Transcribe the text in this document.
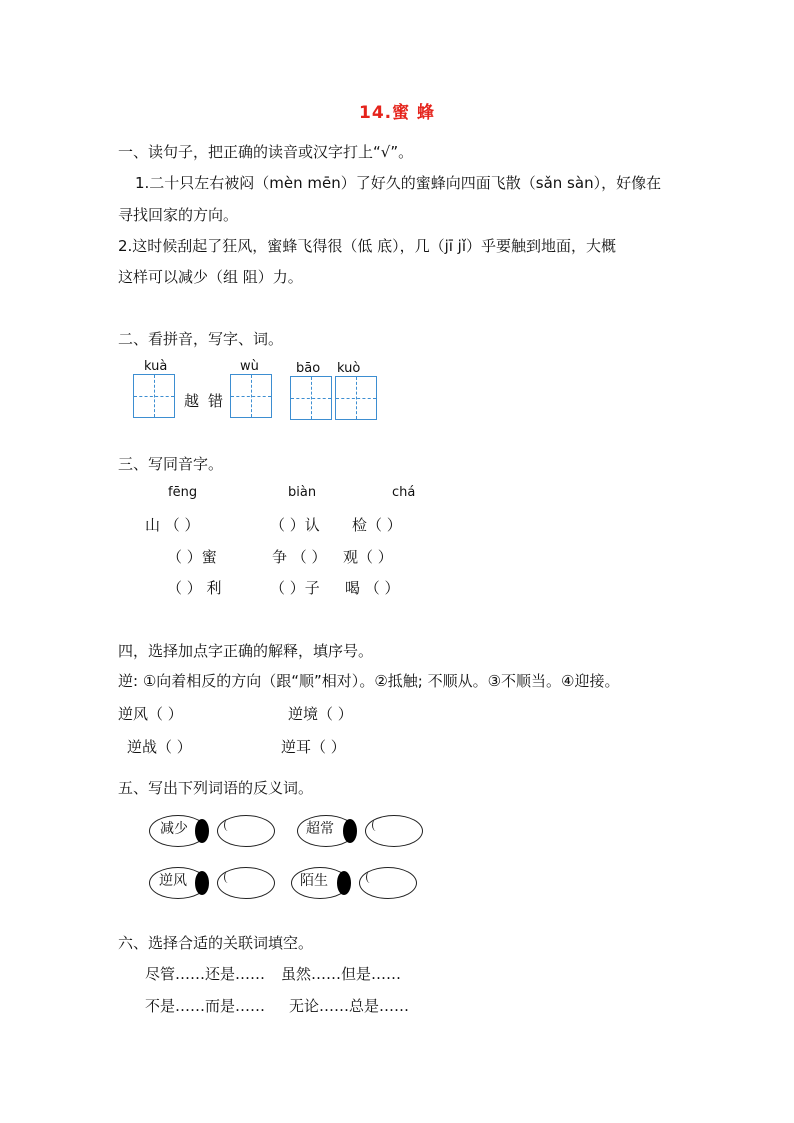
14.蜜 蜂
一、读句子，把正确的读音或汉字打上“√”。
1.二十只左右被闷（mèn mēn）了好久的蜜蜂向四面飞散（sǎn sàn），好像在
寻找回家的方向。
2.这时候刮起了狂风，蜜蜂飞得很（低 底），几（jī jǐ）乎要触到地面，大概
这样可以减少（组 阻）力。
二、看拼音，写字、词。
kuà
越 错
wù	bāo kuò
三、写同音字。
fēng	biàn	chá
山 （ ）	（ ）认 检（ ）
（ ）蜜	争 （ ） 观（ ）
（ ） 利	（ ）子 喝 （ ）
四，选择加点字正确的解释，填序号。
逆: ①向着相反的方向（跟“顺”相对）。②抵触; 不顺从。③不顺当。④迎接。
逆风（ ）	逆境（ ）
逆战（ ）	逆耳（ ）
五、写出下列词语的反义词。
减少	超常
逆风	陌生
六、选择合适的关联词填空。
尽管……还是…… 虽然……但是……
不是……而是…… 无论……总是……
